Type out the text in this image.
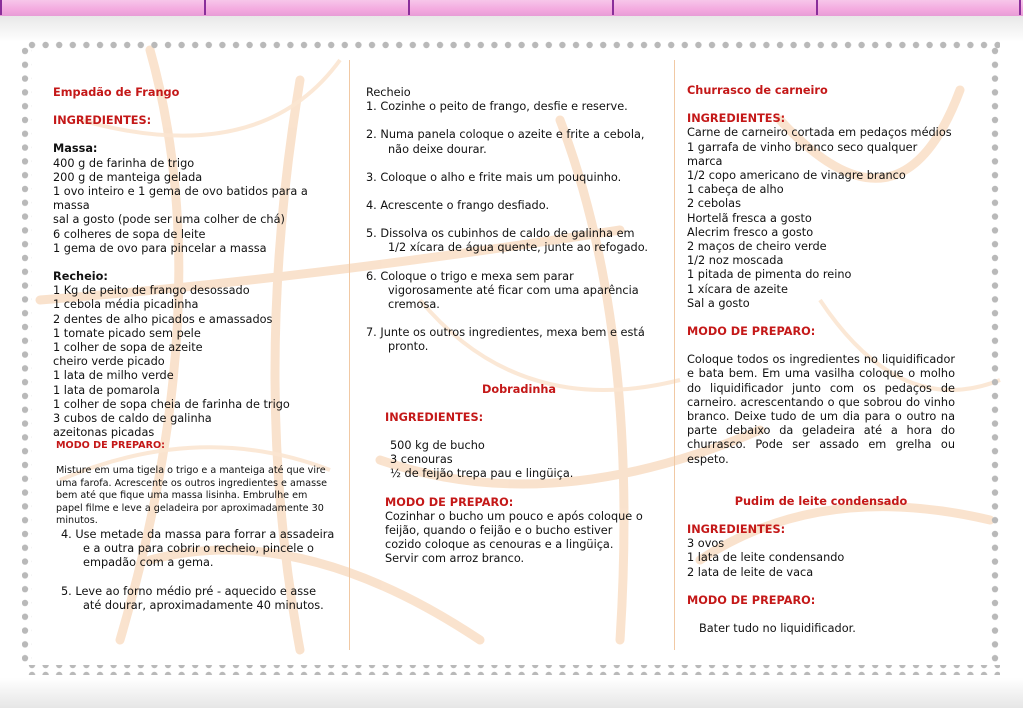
Empadão de Frango

INGREDIENTES:

Massa:

400 g de farinha de trigo

200 g de manteiga gelada

1 ovo inteiro e 1 gema de ovo batidos para a massa

sal a gosto (pode ser uma colher de chá)

6 colheres de sopa de leite

1 gema de ovo para pincelar a massa

Recheio:

1 Kg de peito de frango desossado

1 cebola média picadinha

2 dentes de alho picados e amassados

1 tomate picado sem pele

1 colher de sopa de azeite

cheiro verde picado

1 lata de milho verde

1 lata de pomarola

1 colher de sopa cheia de farinha de trigo

3 cubos de caldo de galinha

azeitonas picadas

MODO DE PREPARO:

Misture em uma tigela o trigo e a manteiga até que vire uma farofa. Acrescente os outros ingredientes e amasse bem até que fique uma massa lisinha. Embrulhe em papel filme e leve a geladeira por aproximadamente 30 minutos.

4. Use metade da massa para forrar a assadeira e a outra para cobrir o recheio, pincele o empadão com a gema.

5. Leve ao forno médio pré - aquecido e asse até dourar, aproximadamente 40 minutos.

Recheio

1. Cozinhe o peito de frango, desfie e reserve.

2. Numa panela coloque o azeite e frite a cebola, não deixe dourar.

3. Coloque o alho e frite mais um pouquinho.

4. Acrescente o frango desfiado.

5. Dissolva os cubinhos de caldo de galinha em 1/2 xícara de água quente, junte ao refogado.

6. Coloque o trigo e mexa sem parar vigorosamente até ficar com uma aparência cremosa.

7. Junte os outros ingredientes, mexa bem e está pronto.

Dobradinha

INGREDIENTES:

500 kg de bucho

3 cenouras

½ de feijão trepa pau e lingüiça.

MODO DE PREPARO:

Cozinhar o bucho um pouco e após coloque o feijão, quando o feijão e o bucho estiver cozido coloque as cenouras e a lingüiça. Servir com arroz branco.

Churrasco de carneiro

INGREDIENTES:

Carne de carneiro cortada em pedaços médios

1 garrafa de vinho branco seco qualquer marca

1/2 copo americano de vinagre branco

1 cabeça de alho

2 cebolas

Hortelã fresca a gosto

Alecrim fresco a gosto

2 maços de cheiro verde

1/2 noz moscada

1 pitada de pimenta do reino

1 xícara de azeite

Sal a gosto

MODO DE PREPARO:

Coloque todos os ingredientes no liquidificador e bata bem. Em uma vasilha coloque o molho do liquidificador junto com os pedaços de carneiro. acrescentando o que sobrou do vinho branco. Deixe tudo de um dia para o outro na parte debaixo da geladeira até a hora do churrasco. Pode ser assado em grelha ou espeto.

Pudim de leite condensado

INGREDIENTES:

3 ovos

1 lata de leite condensando

2 lata de leite de vaca

MODO DE PREPARO:

Bater tudo no liquidificador.
